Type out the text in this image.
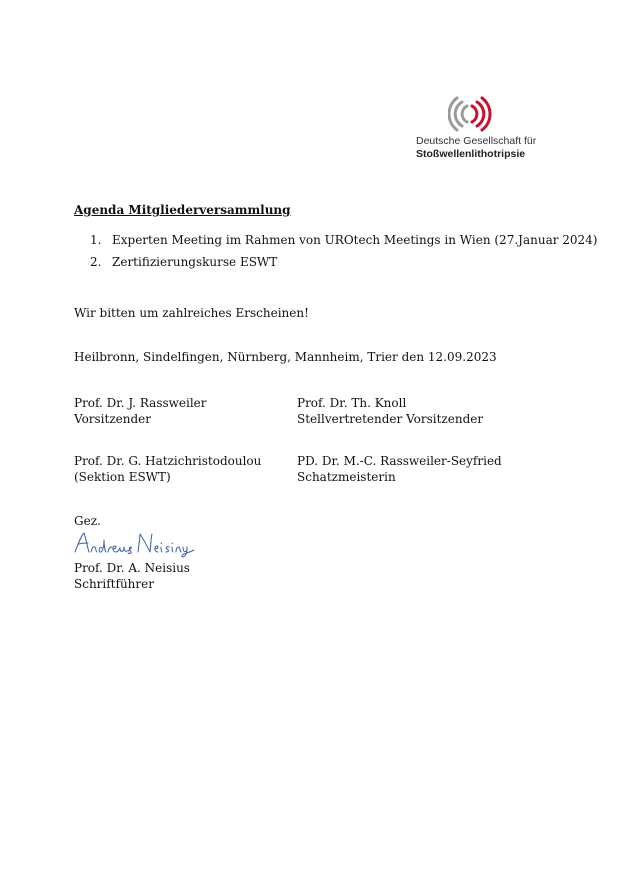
Deutsche Gesellschaft für
Stoßwellenlithotripsie
Agenda Mitgliederversammlung
1. Experten Meeting im Rahmen von UROtech Meetings in Wien (27.Januar 2024)
2. Zertifizierungskurse ESWT
Wir bitten um zahlreiches Erscheinen!
Heilbronn, Sindelfingen, Nürnberg, Mannheim, Trier den 12.09.2023
Prof. Dr. J. Rassweiler
Vorsitzender
Prof. Dr. Th. Knoll
Stellvertretender Vorsitzender
Prof. Dr. G. Hatzichristodoulou
(Sektion ESWT)
PD. Dr. M.-C. Rassweiler-Seyfried
Schatzmeisterin
Gez.
Prof. Dr. A. Neisius
Schriftführer
